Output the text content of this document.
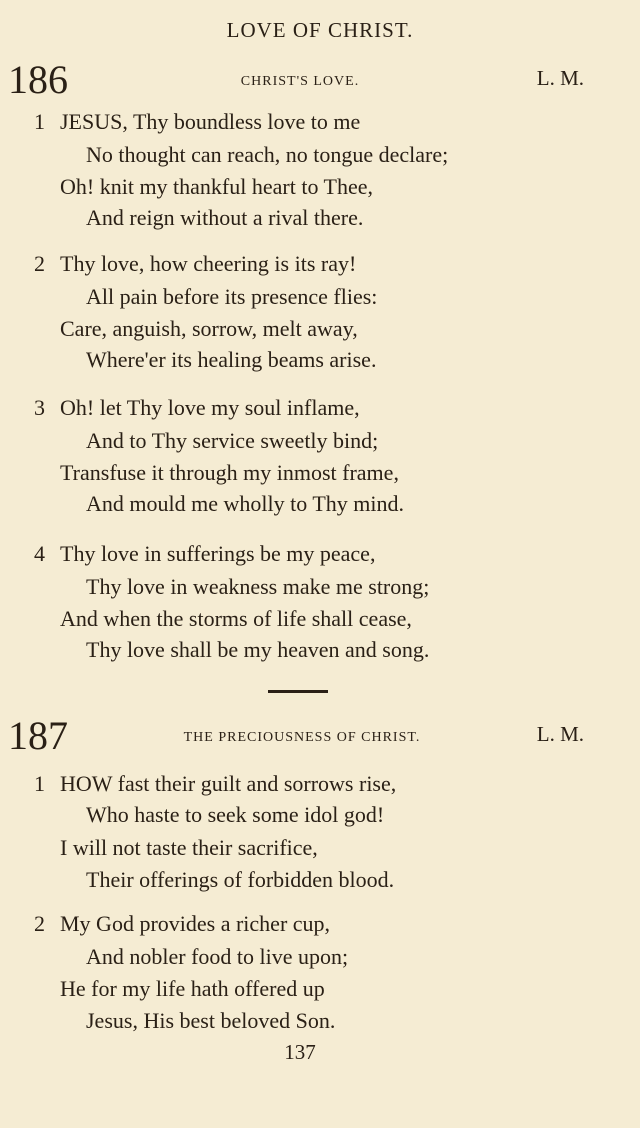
LOVE OF CHRIST.
186	CHRIST'S LOVE.	L. M.
1 JESUS, Thy boundless love to me
No thought can reach, no tongue declare;
Oh! knit my thankful heart to Thee,
And reign without a rival there.
2 Thy love, how cheering is its ray!
All pain before its presence flies:
Care, anguish, sorrow, melt away,
Where'er its healing beams arise.
3 Oh! let Thy love my soul inflame,
And to Thy service sweetly bind;
Transfuse it through my inmost frame,
And mould me wholly to Thy mind.
4 Thy love in sufferings be my peace,
Thy love in weakness make me strong;
And when the storms of life shall cease,
Thy love shall be my heaven and song.
187	THE PRECIOUSNESS OF CHRIST.	L. M.
1 HOW fast their guilt and sorrows rise,
Who haste to seek some idol god!
I will not taste their sacrifice,
Their offerings of forbidden blood.
2 My God provides a richer cup,
And nobler food to live upon;
He for my life hath offered up
Jesus, His best beloved Son.
137
